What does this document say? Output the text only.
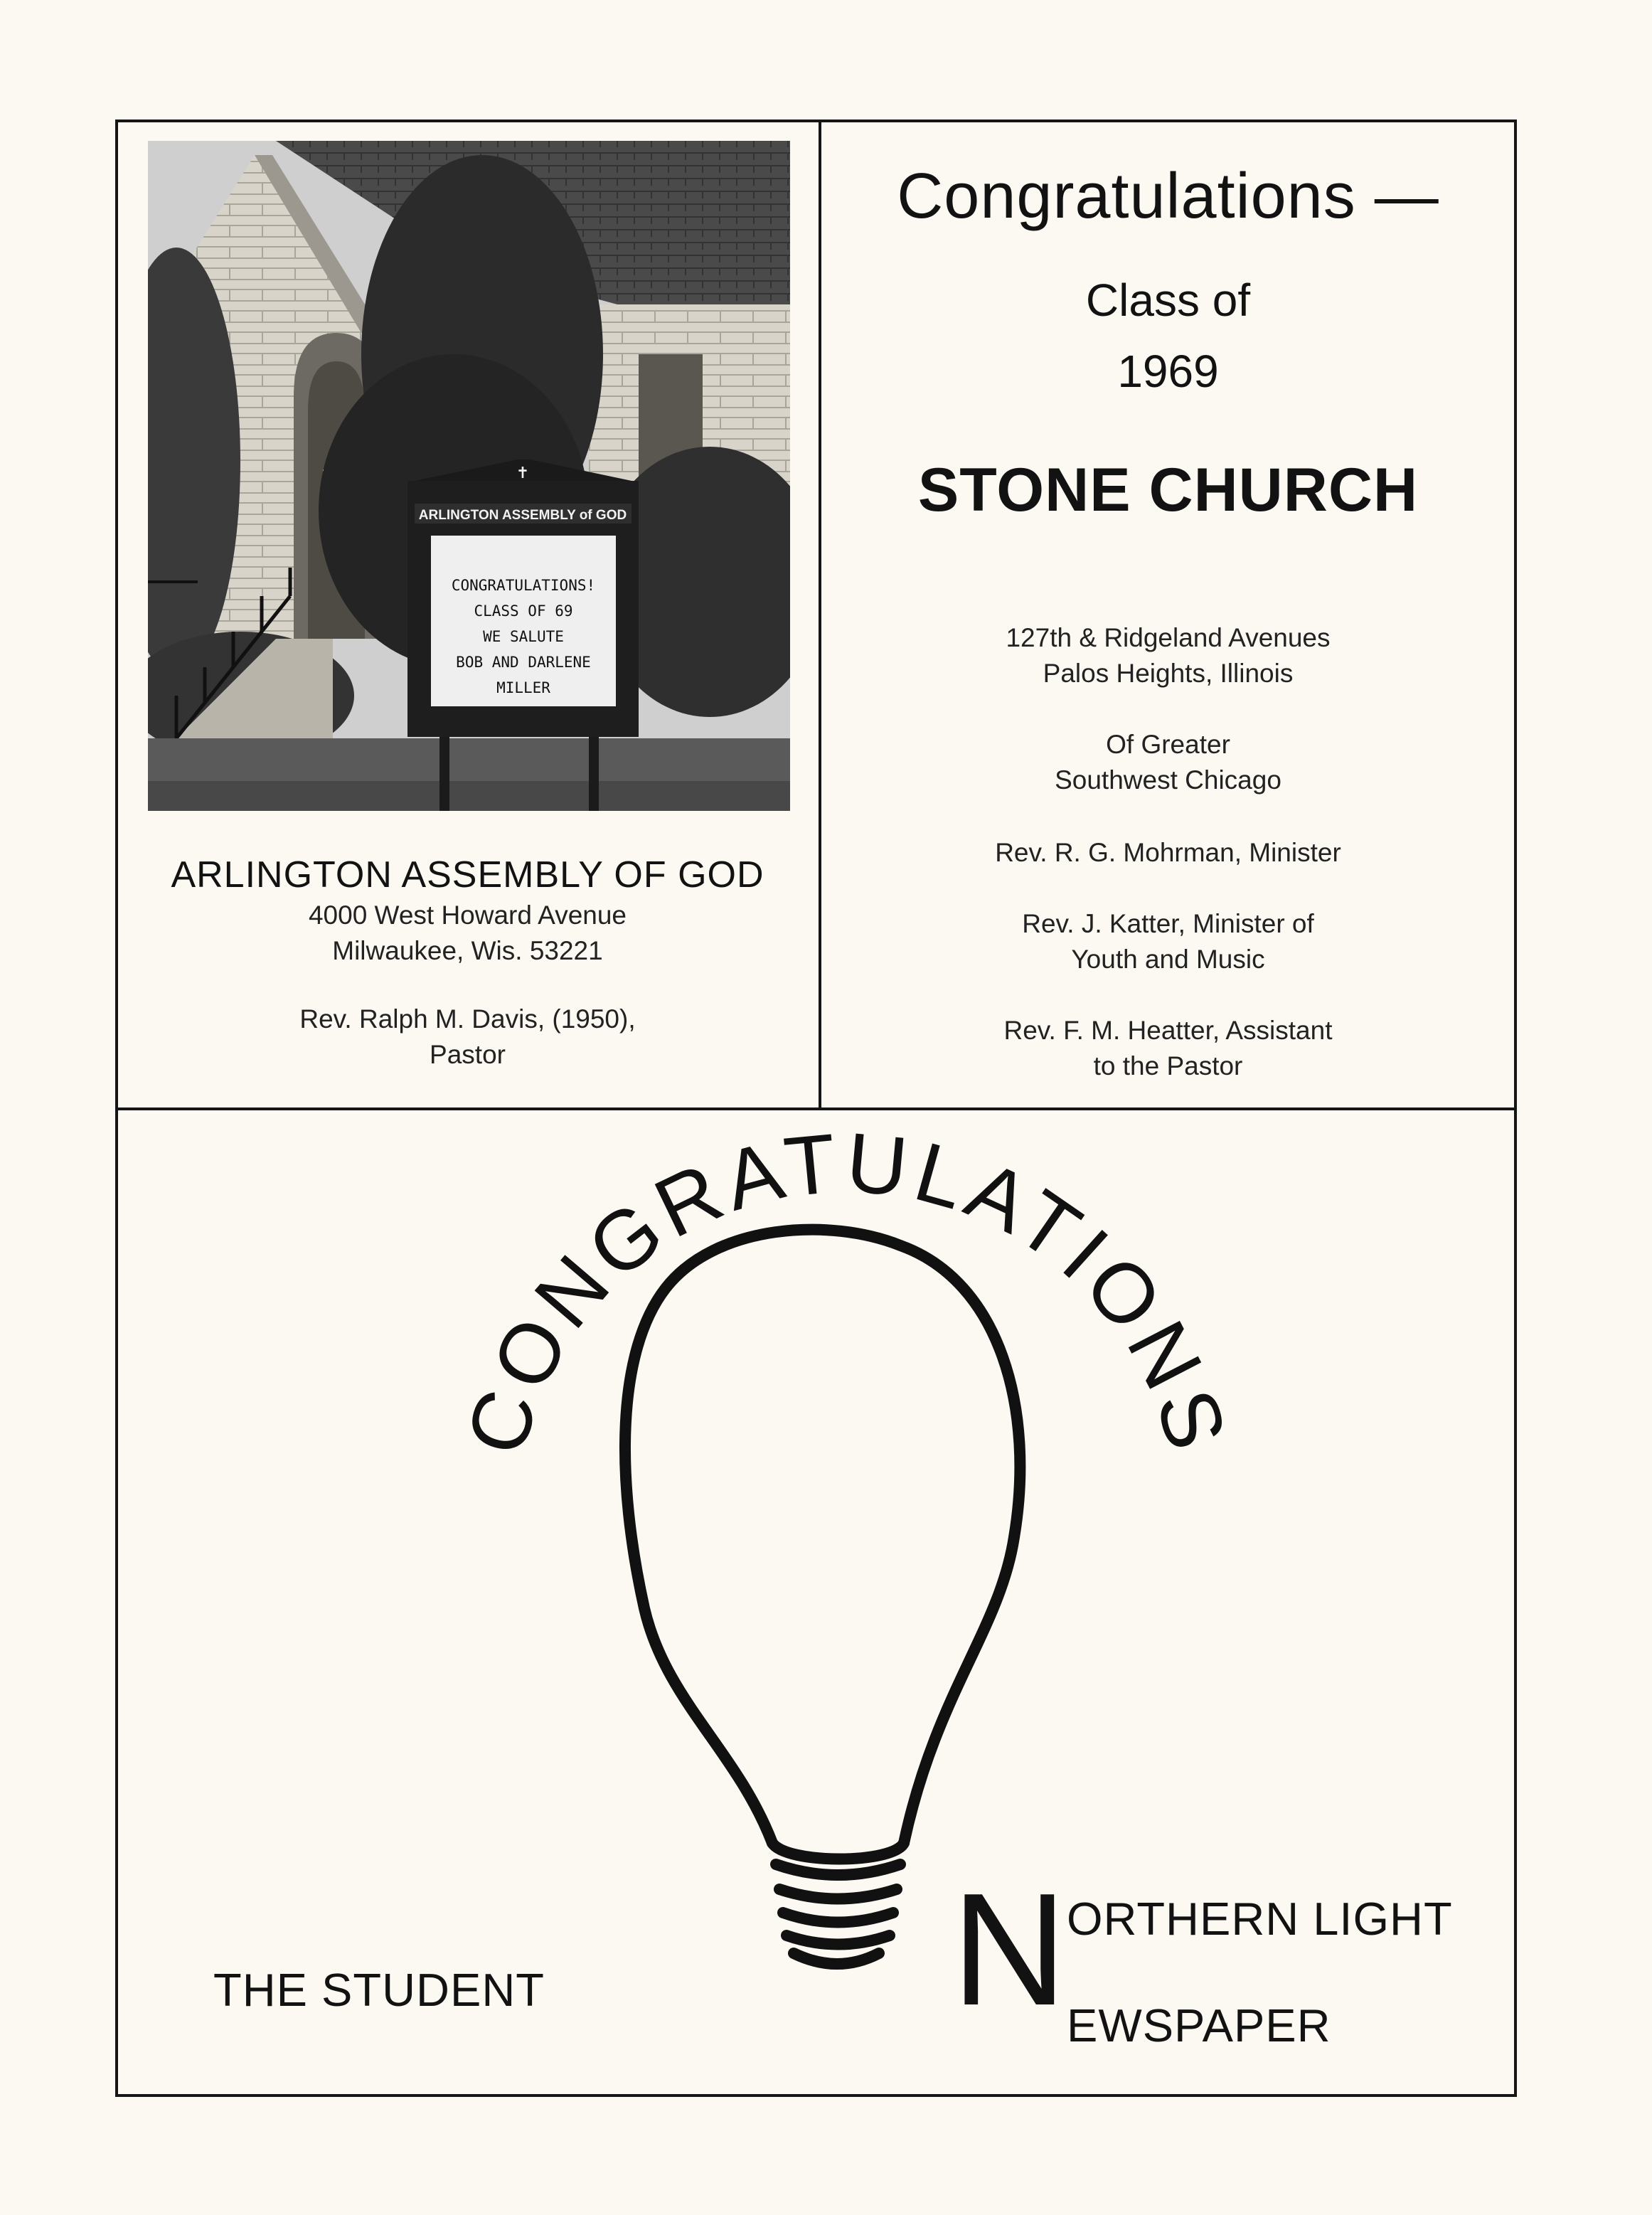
ARLINGTON ASSEMBLY of GOD
✝
CONGRATULATIONS!
CLASS OF 69
WE SALUTE
BOB AND DARLENE
MILLER
ARLINGTON ASSEMBLY OF GOD
4000 West Howard Avenue
Milwaukee, Wis. 53221
Rev. Ralph M. Davis, (1950),
Pastor
Congratulations —
Class of
1969
STONE CHURCH
127th & Ridgeland Avenues
Palos Heights, Illinois
Of Greater
Southwest Chicago
Rev. R. G. Mohrman, Minister
Rev. J. Katter, Minister of
Youth and Music
Rev. F. M. Heatter, Assistant
to the Pastor
CONGRATULATIONS
THE STUDENT	N ORTHERN LIGHT
EWSPAPER
